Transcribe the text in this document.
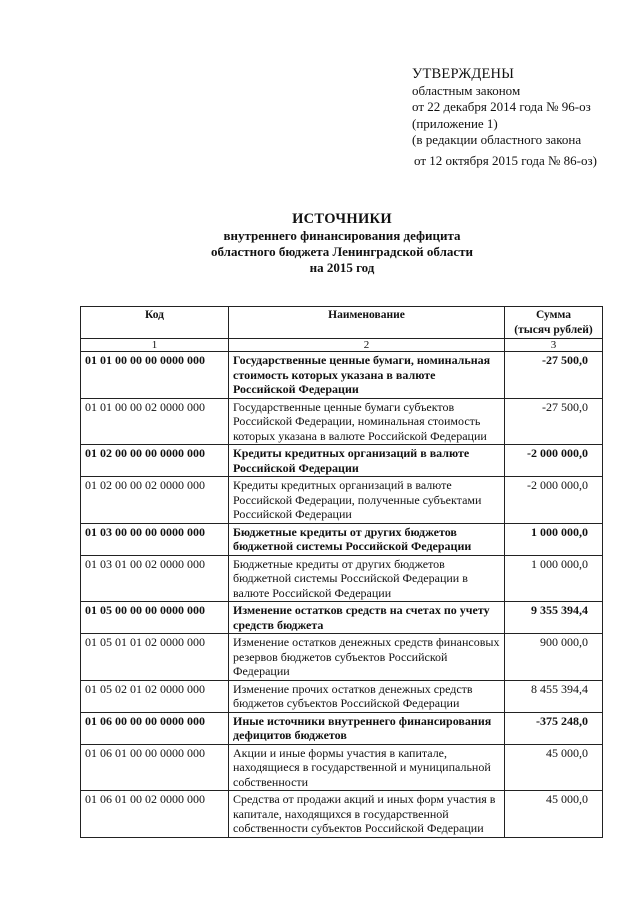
УТВЕРЖДЕНЫ
областным законом
от 22 декабря 2014 года № 96-оз
(приложение 1)
(в редакции областного закона
от 12 октября 2015 года № 86-оз)
ИСТОЧНИКИ
внутреннего финансирования дефицита
областного бюджета Ленинградской области
на 2015 год
Код	Наименование	Сумма
(тысяч рублей)

1	2	3
01 01 00 00 00 0000 000	Государственные ценные бумаги, номинальная стоимость которых указана в валюте Российской Федерации	-27 500,0
01 01 00 00 02 0000 000	Государственные ценные бумаги субъектов Российской Федерации, номинальная стоимость которых указана в валюте Российской Федерации	-27 500,0
01 02 00 00 00 0000 000	Кредиты кредитных организаций в валюте Российской Федерации	-2 000 000,0
01 02 00 00 02 0000 000	Кредиты кредитных организаций в валюте Российской Федерации, полученные субъектами Российской Федерации	-2 000 000,0
01 03 00 00 00 0000 000	Бюджетные кредиты от других бюджетов бюджетной системы Российской Федерации	1 000 000,0
01 03 01 00 02 0000 000	Бюджетные кредиты от других бюджетов бюджетной системы Российской Федерации в валюте Российской Федерации	1 000 000,0
01 05 00 00 00 0000 000	Изменение остатков средств на счетах по учету средств бюджета	9 355 394,4
01 05 01 01 02 0000 000	Изменение остатков денежных средств финансовых резервов бюджетов субъектов Российской Федерации	900 000,0
01 05 02 01 02 0000 000	Изменение прочих остатков денежных средств бюджетов субъектов Российской Федерации	8 455 394,4
01 06 00 00 00 0000 000	Иные источники внутреннего финансирования дефицитов бюджетов	-375 248,0
01 06 01 00 00 0000 000	Акции и иные формы участия в капитале, находящиеся в государственной и муниципальной собственности	45 000,0
01 06 01 00 02 0000 000	Средства от продажи акций и иных форм участия в капитале, находящихся в государственной собственности субъектов Российской Федерации	45 000,0
